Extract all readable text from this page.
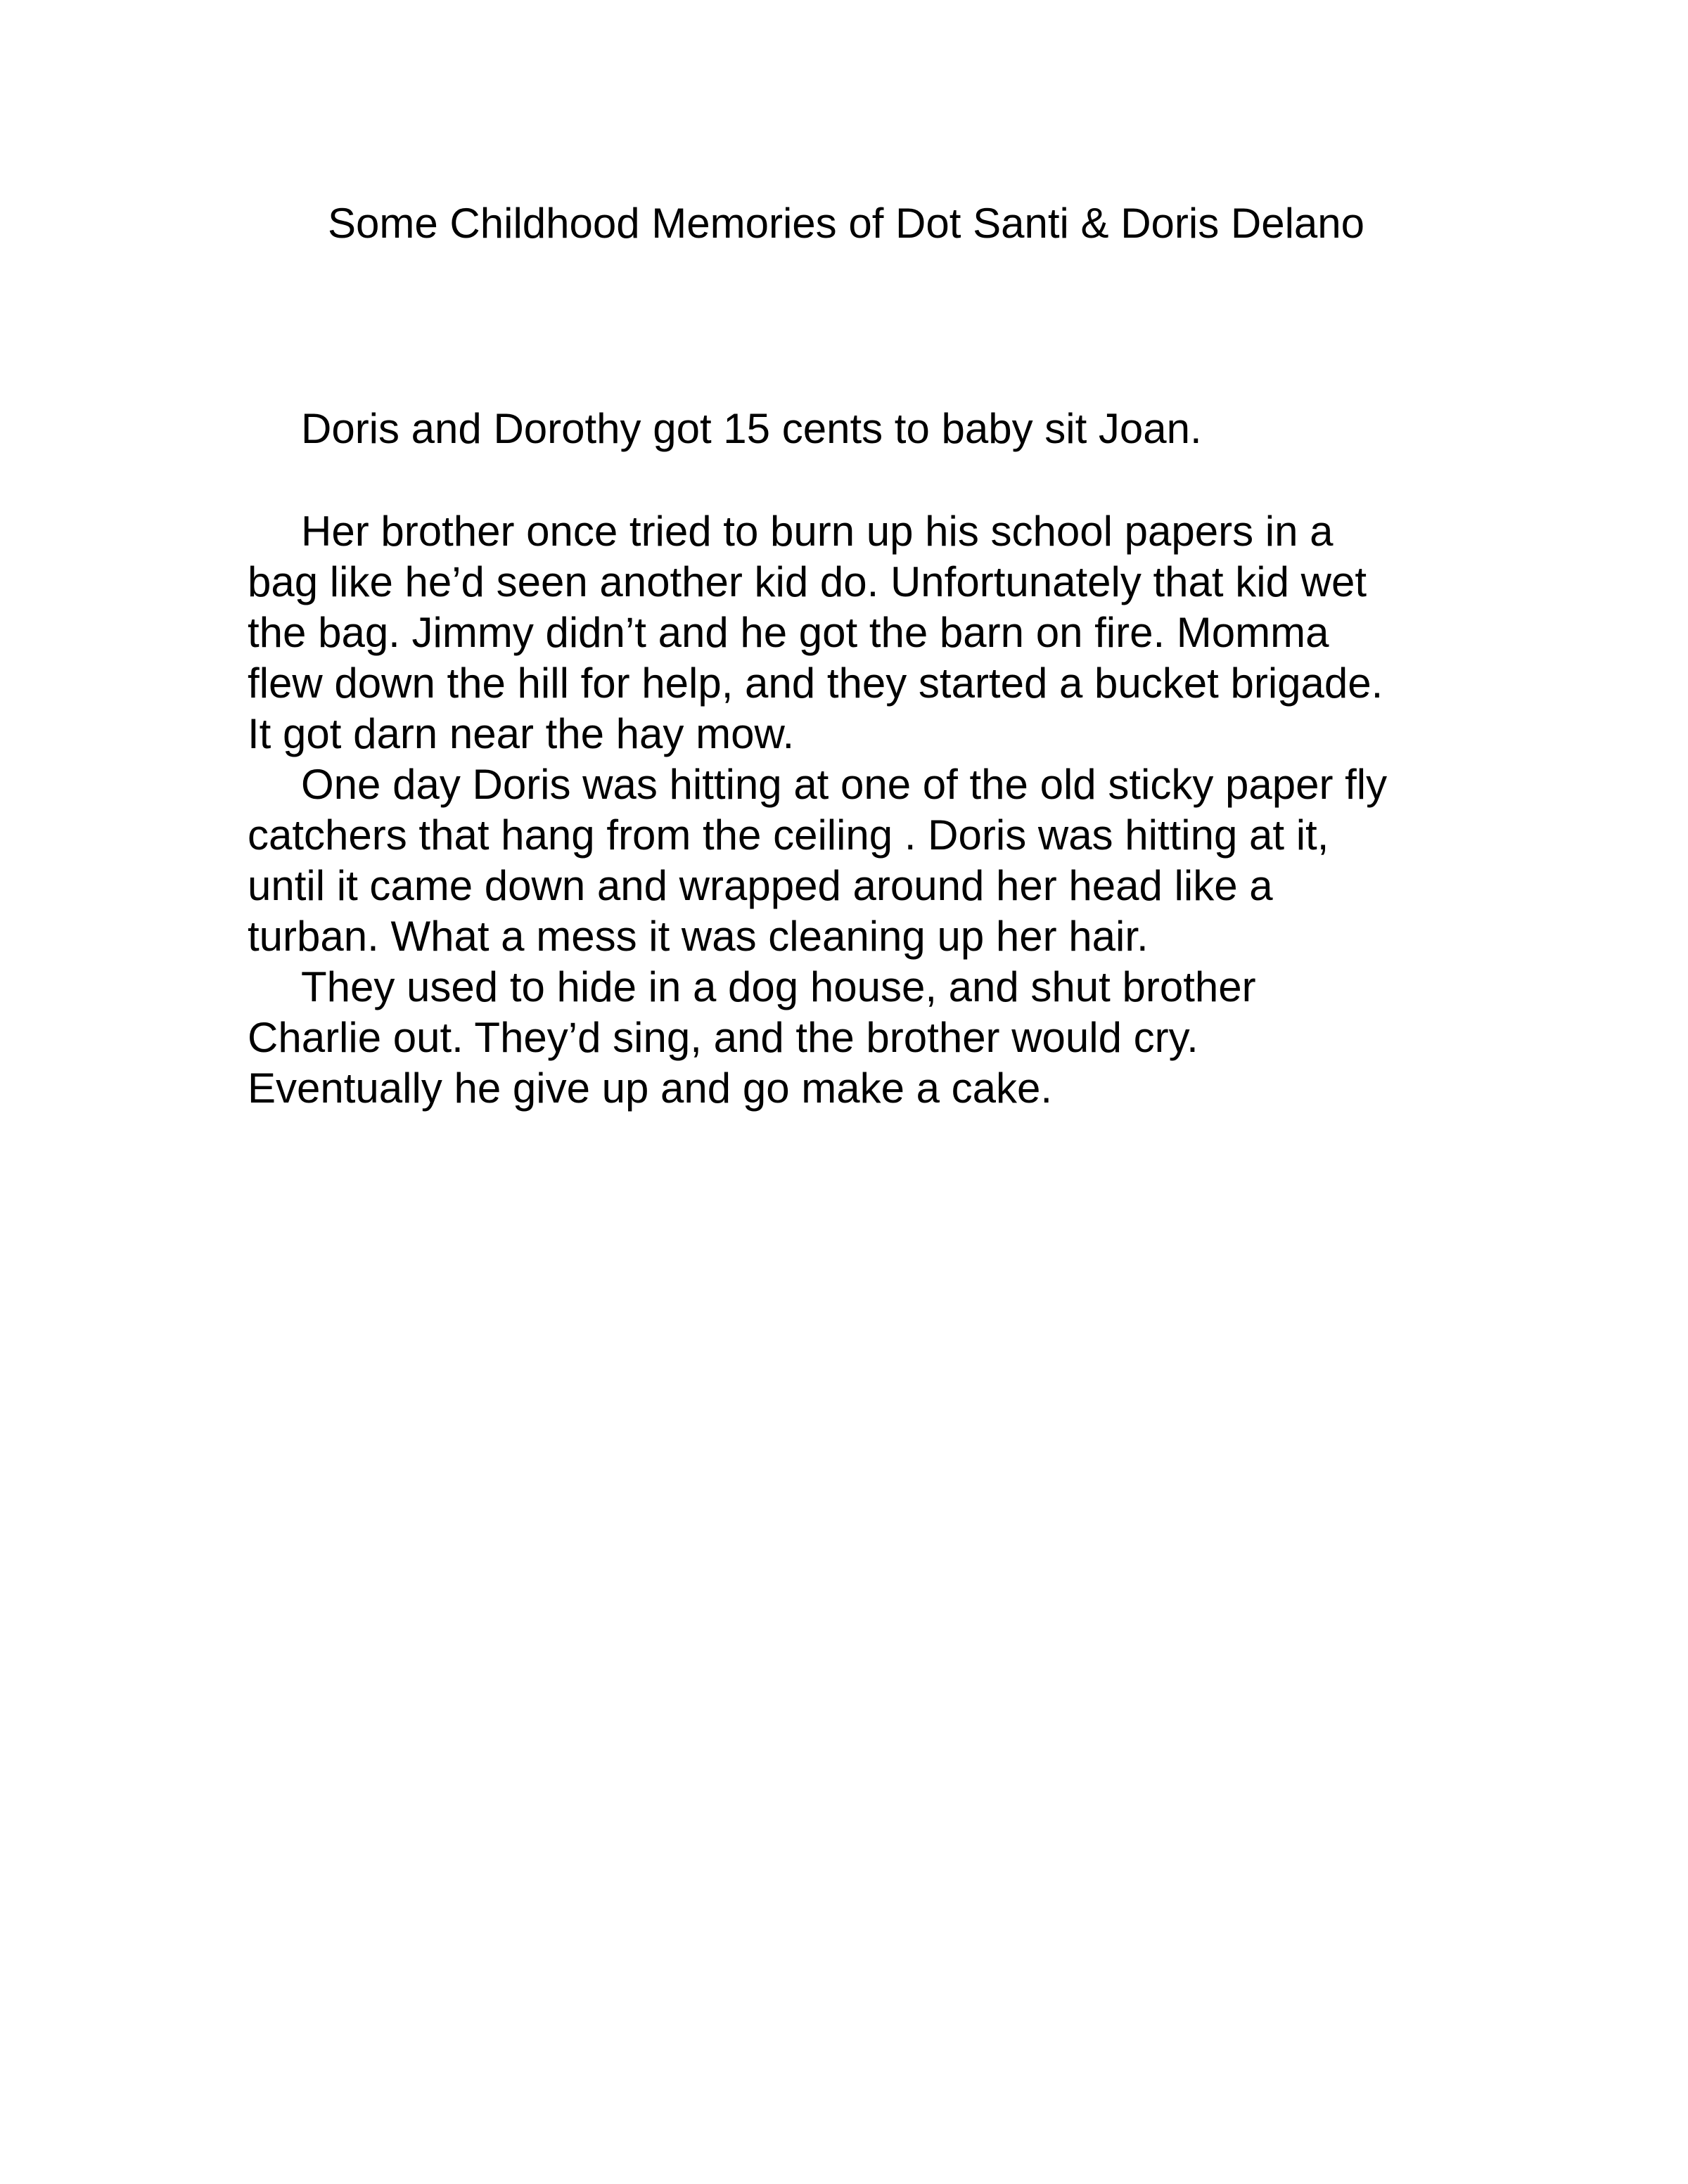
Some Childhood Memories of Dot Santi & Doris Delano

Doris and Dorothy got 15 cents to baby sit Joan.

Her brother once tried to burn up his school papers in a
bag like he’d seen another kid do. Unfortunately that kid wet
the bag. Jimmy didn’t and he got the barn on fire. Momma
flew down the hill for help, and they started a bucket brigade.
It got darn near the hay mow.

One day Doris was hitting at one of the old sticky paper fly
catchers that hang from the ceiling . Doris was hitting at it,
until it came down and wrapped around her head like a
turban. What a mess it was cleaning up her hair.

They used to hide in a dog house, and shut brother
Charlie out. They’d sing, and the brother would cry.
Eventually he give up and go make a cake.
